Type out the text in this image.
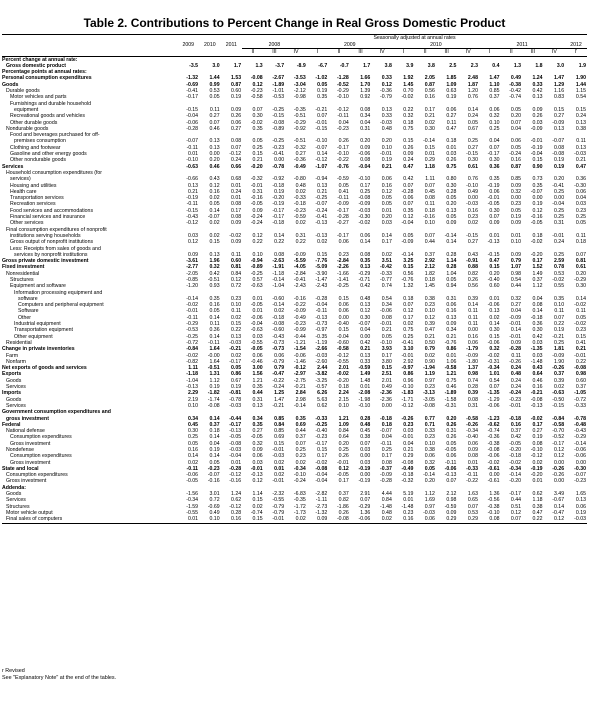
Table 2. Contributions to Percent Change in Real Gross Domestic Product
				Seasonally adjusted at annual rates															
	2009	2010	2011	2008			2009				2010				2011				2012
				II	III	IV	I	II	III	IV	I	II	III	IV	I	II	III	IV	I'
Percent change at annual rate:																			
Gross domestic product	-3.5	3.0	1.7	1.3	-3.7	-8.9	-6.7	-0.7	1.7	3.8	3.9	3.8	2.5	2.3	0.4	1.3	1.8	3.0	1.9
Percentage points at annual rates:																			
Personal consumption expenditures	-1.32	1.44	1.53	-0.08	-2.67	-3.53	-1.02	-1.28	1.66	0.33	1.92	2.05	1.85	2.48	1.47	0.49	1.24	1.47	1.90
Goods	-0.69	0.99	0.87	0.12	-1.89	-3.04	0.05	-0.52	1.70	0.12	1.45	0.87	1.09	1.87	1.10	-0.38	0.33	1.29	1.44
Durable goods	-0.41	0.53	0.60	-0.23	-1.01	-2.12	0.19	-0.29	1.39	-0.36	0.70	0.56	0.63	1.20	0.85	-0.42	0.42	1.16	1.15
Motor vehicles and parts	-0.17	0.05	0.19	-0.58	-0.53	-0.98	0.35	-0.10	0.92	-0.79	-0.02	0.16	0.19	0.76	0.37	-0.74	0.13	0.83	0.54
Furnishings and durable household																			
equipment	-0.15	0.11	0.09	0.07	-0.25	-0.35	-0.21	-0.12	0.08	0.13	0.22	0.17	0.06	0.14	0.06	0.05	0.09	0.15	0.15
Recreational goods and vehicles	-0.04	0.27	0.26	0.30	-0.15	-0.51	0.07	-0.11	0.34	0.33	0.32	0.21	0.27	0.24	0.32	0.20	0.26	0.27	0.24
Other durable goods	-0.06	0.07	0.06	-0.02	-0.08	-0.29	-0.01	0.04	0.04	-0.03	0.18	0.02	0.11	0.05	0.10	0.07	0.03	-0.09	0.13
Nondurable goods	-0.28	0.46	0.27	0.35	-0.89	-0.92	-0.15	-0.23	0.31	0.48	0.75	0.30	0.47	0.67	0.25	0.04	-0.09	0.13	0.38
Food and beverages purchased for off-																			
premises consumption	-0.07	0.13	0.08	0.05	-0.25	-0.51	-0.10	0.26	0.20	0.20	0.15	-0.14	0.18	0.25	0.04	0.06	-0.01	-0.07	0.11
Clothing and footwear	-0.11	0.13	0.07	0.25	-0.23	-0.32	-0.07	-0.17	0.09	0.10	0.26	0.15	0.01	0.27	0.07	0.05	-0.19	0.08	0.13
Gasoline and other energy goods	0.01	0.00	-0.12	0.15	-0.41	0.27	0.14	-0.10	-0.06	-0.01	0.09	0.01	0.03	-0.15	-0.17	-0.24	-0.04	-0.08	-0.03
Other nondurable goods	-0.10	0.20	0.24	0.21	0.00	-0.36	-0.12	-0.22	0.08	0.19	0.24	0.29	0.26	0.30	0.30	0.16	0.15	0.19	0.21
Services	-0.63	0.46	0.66	-0.20	-0.78	-0.49	-1.07	-0.76	-0.04	0.21	0.47	1.18	0.75	0.61	0.36	0.87	0.90	0.19	0.47
Household consumption expenditures (for																			
services)	-0.66	0.43	0.68	-0.32	-0.92	-0.80	-0.94	-0.59	-0.10	0.06	0.42	1.11	0.80	0.76	0.35	0.85	0.73	0.20	0.36
Housing and utilities	0.13	0.12	0.01	-0.01	-0.18	0.48	0.13	0.05	0.17	0.16	0.07	0.07	0.30	-0.10	-0.19	0.09	0.35	-0.41	-0.30
Health care	0.21	0.16	0.24	0.31	0.19	0.02	0.21	0.41	0.25	0.12	-0.28	0.45	0.28	0.49	0.06	0.32	-0.07	0.25	0.06
Transportation services	-0.19	0.02	0.01	-0.16	-0.20	-0.33	-0.25	-0.11	-0.08	0.05	0.06	0.08	0.05	0.00	-0.01	0.00	0.00	0.00	0.04
Recreation services	-0.11	0.05	0.08	-0.05	-0.19	-0.18	-0.07	-0.09	-0.09	0.05	0.07	0.11	0.20	-0.03	-0.05	0.23	0.19	-0.04	0.03
Food services and accommodations	-0.15	0.14	0.17	0.09	-0.17	-0.23	-0.24	-0.17	-0.03	0.01	0.35	0.18	0.13	0.16	0.30	0.05	0.12	0.25	0.23
Financial services and insurance	-0.43	-0.07	0.08	-0.24	-0.17	-0.59	-0.41	-0.28	-0.30	0.20	0.12	-0.16	0.05	0.23	0.07	0.19	-0.16	0.25	0.25
Other services	-0.12	0.02	0.09	-0.24	-0.18	0.02	-0.13	-0.27	-0.02	0.03	-0.04	0.10	0.09	0.02	0.09	0.09	-0.05	0.31	0.05
Final consumption expenditures of nonprofit																			
institutions serving households	0.03	0.02	-0.02	0.12	0.14	0.31	-0.13	-0.17	0.06	0.14	0.05	0.07	-0.14	-0.15	0.01	0.01	0.18	-0.01	0.11
Gross output of nonprofit institutions	0.12	0.15	0.09	0.22	0.22	0.22	0.02	0.06	0.14	0.17	-0.09	0.44	0.14	0.27	-0.13	0.10	-0.02	0.24	0.18
Less: Receipts from sales of goods and																			
services by nonprofit institutions	0.09	0.13	0.11	0.10	0.08	-0.09	0.15	0.23	0.08	0.02	-0.14	0.37	0.28	0.43	-0.15	0.09	-0.20	0.25	0.07
Gross private domestic investment	-3.61	1.96	0.60	-0.94	-2.63	-5.59	-7.76	-2.84	0.35	3.51	3.25	2.92	1.14	-0.91	0.47	0.79	0.17	2.59	0.81
Fixed investment	-2.77	0.32	0.81	-0.89	-1.91	-4.05	-5.09	-2.26	0.13	-0.42	0.15	2.12	0.28	0.88	0.15	1.07	1.52	0.78	0.61
Nonresidential	-2.05	0.42	0.84	-0.25	-1.18	-2.84	-3.90	-1.66	-0.29	-0.33	0.56	1.82	1.04	0.82	0.20	0.98	1.49	0.53	0.20
Structures	-0.85	-0.51	0.12	0.57	-0.14	-0.41	-1.47	-1.41	-0.71	-0.77	-0.76	0.18	0.05	0.26	-0.40	0.54	0.37	-0.02	-0.29
Equipment and software	-1.20	0.93	0.72	-0.63	-1.04	-2.43	-2.43	-0.25	0.42	0.74	1.32	1.45	0.94	0.56	0.60	0.44	1.12	0.55	0.30
Information processing equipment and																			
software	-0.14	0.35	0.23	0.01	-0.60	-0.16	-0.28	0.15	0.48	0.54	0.18	0.38	0.31	0.39	0.01	0.32	0.04	0.35	0.14
Computers and peripheral equipment	-0.02	0.16	0.10	-0.05	-0.14	-0.22	-0.04	0.06	0.13	0.34	0.07	0.23	0.06	0.14	-0.06	0.27	0.08	0.10	-0.02
Software	-0.01	0.05	0.11	0.01	0.02	-0.09	-0.11	0.06	0.12	-0.06	0.12	0.10	0.16	0.11	0.13	0.04	0.14	0.11	0.11
Other	-0.11	0.14	0.02	-0.06	-0.18	-0.49	-0.13	0.00	0.30	0.08	0.17	0.12	0.13	0.11	0.02	-0.09	-0.18	0.07	0.05
Industrial equipment	-0.29	0.11	0.15	-0.04	-0.08	-0.23	-0.73	-0.40	-0.07	-0.01	0.02	0.39	0.09	0.11	0.14	-0.01	0.36	0.22	-0.02
Transportation equipment	-0.53	0.36	0.22	-0.63	-0.60	-0.99	-0.97	0.15	0.04	0.21	0.75	0.47	0.34	0.00	0.30	0.14	0.30	0.19	0.23
Other equipment	-0.25	0.14	0.13	0.03	-0.43	-0.44	-0.35	-0.04	0.00	0.05	0.25	0.21	0.21	0.16	0.15	-0.01	0.42	-0.21	0.15
Residential	-0.72	-0.11	-0.03	-0.55	-0.73	-1.21	-1.19	-0.60	0.42	-0.10	-0.41	0.50	-0.76	0.06	-0.06	0.09	0.03	0.25	0.41
Change in private inventories	-0.84	1.64	-0.21	-0.05	-0.73	-1.54	-2.66	-0.58	0.21	3.93	3.10	0.79	0.86	-1.79	0.32	-0.28	-1.35	1.81	0.21
Farm	-0.02	-0.00	0.02	0.06	0.06	-0.06	-0.03	-0.12	0.13	0.17	-0.01	0.02	0.01	-0.09	-0.02	0.11	0.03	-0.09	-0.01
Nonfarm	-0.82	1.64	-0.17	-0.46	-0.79	-1.46	-2.60	-0.55	0.33	3.80	2.92	0.90	1.06	-1.80	-0.31	-0.26	-1.48	1.90	0.22
Net exports of goods and services	1.11	-0.51	0.05	3.00	0.79	-0.12	2.44	2.01	-0.59	0.15	-0.97	-1.94	-0.58	1.37	-0.34	0.24	0.43	-0.26	-0.08
Exports	-1.18	1.31	0.86	1.56	-0.47	-2.97	-3.82	-0.02	1.49	2.51	0.86	1.19	1.21	0.98	1.01	0.48	0.64	0.37	0.98
Goods	-1.04	1.12	0.67	1.21	-0.22	-2.75	-3.25	-0.20	1.48	2.01	0.96	0.97	0.75	0.74	0.54	0.24	0.46	0.39	0.60
Services	-0.13	0.19	0.19	0.35	-0.24	-0.21	-0.57	0.18	0.01	0.49	-0.10	0.23	0.46	0.28	0.07	0.24	0.16	0.02	0.37
Imports	2.29	-1.82	-0.81	0.44	1.25	2.84	6.26	2.24	-2.08	-2.36	-1.83	-3.13	-1.89	0.39	-1.35	-0.24	-0.21	-0.63	-1.05
Goods	2.19	-1.74	-0.78	0.31	1.47	2.98	5.63	2.15	-1.98	-2.36	-1.71	-3.05	-1.58	0.08	-1.29	-0.23	-0.08	-0.50	-0.72
Services	0.10	-0.08	-0.03	0.13	-0.21	-0.14	0.62	0.10	-0.10	0.00	-0.12	-0.08	-0.31	0.31	-0.06	-0.01	-0.13	-0.15	-0.33
Government consumption expenditures and																			
gross investment	0.34	0.14	-0.44	0.34	0.85	0.35	-0.33	1.21	0.28	-0.18	-0.26	0.77	0.20	-0.58	-1.23	-0.18	-0.02	-0.84	-0.78
Federal	0.45	0.37	-0.17	0.35	0.84	0.69	-0.25	1.09	0.48	0.18	0.23	0.71	0.26	-0.26	-0.62	0.16	0.17	-0.58	-0.48
National defense	0.30	0.18	-0.13	0.27	0.85	0.44	-0.40	0.84	0.45	-0.07	0.03	0.33	0.31	-0.34	-0.74	0.37	0.27	-0.70	-0.43
Consumption expenditures	0.25	0.14	-0.05	-0.05	0.69	0.37	-0.23	0.64	0.38	0.04	-0.01	0.23	0.26	-0.40	-0.36	0.42	0.19	-0.52	-0.29
Gross investment	0.05	0.04	-0.08	0.32	0.15	0.07	-0.17	0.20	0.07	-0.11	0.04	0.10	0.05	0.06	-0.38	-0.05	0.08	-0.17	-0.14
Nondefense	0.16	0.19	-0.03	0.09	-0.01	0.25	0.15	0.25	0.03	0.25	0.21	0.38	-0.05	0.09	-0.08	-0.20	-0.10	0.12	-0.06
Consumption expenditures	0.14	0.14	-0.04	0.06	-0.03	0.23	0.17	0.26	0.00	0.17	0.29	0.06	0.06	0.08	-0.06	-0.18	-0.12	0.12	-0.06
Gross investment	0.02	0.05	0.01	0.03	0.02	0.02	-0.02	-0.01	0.03	0.08	-0.08	0.32	-0.11	0.01	-0.02	-0.02	0.02	0.00	0.00
State and local	-0.11	-0.23	-0.28	-0.01	0.01	-0.34	-0.08	0.12	-0.19	-0.37	-0.49	0.05	-0.06	-0.33	-0.61	-0.34	-0.19	-0.26	-0.30
Consumption expenditures	-0.06	-0.07	-0.12	-0.13	0.02	-0.10	-0.04	-0.05	0.00	-0.09	-0.18	-0.14	-0.13	-0.11	0.00	-0.14	-0.20	-0.26	-0.07
Gross investment	-0.05	-0.16	-0.16	0.12	-0.01	-0.24	-0.04	0.17	-0.19	-0.28	-0.32	0.20	0.07	-0.22	-0.61	-0.20	0.01	0.00	-0.23
Addenda:																			
Goods	-1.56	3.01	1.24	1.14	-2.32	-6.83	-2.82	0.37	2.91	4.44	5.19	1.12	2.12	1.63	1.36	-0.17	0.62	3.49	1.65
Services	-0.34	0.72	0.62	0.15	-0.55	-0.35	-1.11	0.82	0.07	0.84	0.01	1.69	0.98	0.65	-0.56	0.44	1.18	-0.67	0.13
Structures	-1.59	-0.69	-0.12	0.02	-0.79	-1.72	-2.73	-1.86	-0.29	-1.48	-1.48	0.97	-0.59	0.07	-0.38	0.51	0.38	0.14	0.06
Motor vehicle output	-0.55	0.49	0.28	-0.74	-0.79	-1.73	-1.32	0.26	1.36	0.48	0.23	-0.03	0.09	0.53	-0.10	0.12	0.47	-0.47	0.19
Final sales of computers	0.01	0.10	0.16	0.15	-0.01	0.02	0.09	-0.08	-0.06	0.02	0.16	0.06	0.29	0.29	0.08	0.07	0.22	0.12	-0.03
r Revised
See "Explanatory Note" at the end of the tables.
